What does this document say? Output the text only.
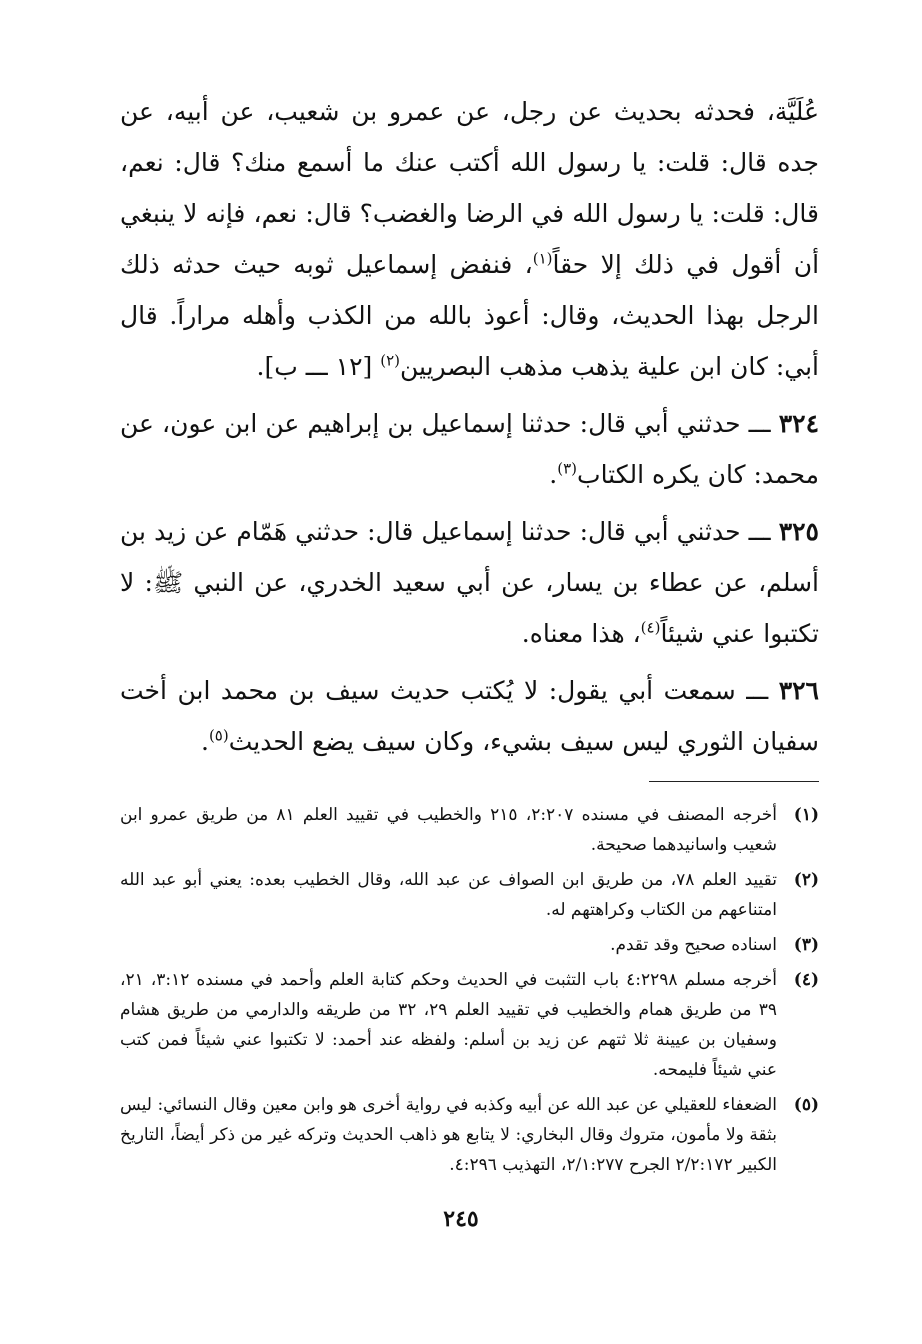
عُلَيَّة، فحدثه بحديث عن رجل، عن عمرو بن شعيب، عن أبيه، عن جده قال: قلت: يا رسول الله أكتب عنك ما أسمع منك؟ قال: نعم، قال: قلت: يا رسول الله في الرضا والغضب؟ قال: نعم، فإنه لا ينبغي أن أقول في ذلك إلا حقاً$^{(١)}$، فنفض إسماعيل ثوبه حيث حدثه ذلك الرجل بهذا الحديث، وقال: أعوذ بالله من الكذب وأهله مراراً. قال أبي: كان ابن علية يذهب مذهب البصريين$^{(٢)}$ [١٢ ـــ ب].

٣٢٤ ـــ حدثني أبي قال: حدثنا إسماعيل بن إبراهيم عن ابن عون، عن محمد: كان يكره الكتاب$^{(٣)}$.

٣٢٥ ـــ حدثني أبي قال: حدثنا إسماعيل قال: حدثني هَمّام عن زيد بن أسلم، عن عطاء بن يسار، عن أبي سعيد الخدري، عن النبي ﷺ: لا تكتبوا عني شيئاً$^{(٤)}$، هذا معناه.

٣٢٦ ـــ سمعت أبي يقول: لا يُكتب حديث سيف بن محمد ابن أخت سفيان الثوري ليس سيف بشيء، وكان سيف يضع الحديث$^{(٥)}$.

(١)
أخرجه المصنف في مسنده ٢:٢٠٧، ٢١٥ والخطيب في تقييد العلم ٨١ من طريق عمرو ابن شعيب واسانيدهما صحيحة.
(٢)
تقييد العلم ٧٨، من طريق ابن الصواف عن عبد الله، وقال الخطيب بعده: يعني أبو عبد الله امتناعهم من الكتاب وكراهتهم له.
(٣)
اسناده صحيح وقد تقدم.
(٤)
أخرجه مسلم ٤:٢٢٩٨ باب التثبت في الحديث وحكم كتابة العلم وأحمد في مسنده ٣:١٢، ٢١، ٣٩ من طريق همام والخطيب في تقييد العلم ٢٩، ٣٢ من طريقه والدارمي من طريق هشام وسفيان بن عيينة ثلا ثتهم عن زيد بن أسلم: ولفظه عند أحمد: لا تكتبوا عني شيئاً فمن كتب عني شيئاً فليمحه.
(٥)
الضعفاء للعقيلي عن عبد الله عن أبيه وكذبه في رواية أخرى هو وابن معين وقال النسائي: ليس بثقة ولا مأمون، متروك وقال البخاري: لا يتابع هو ذاهب الحديث وتركه غير من ذكر أيضاً، التاريخ الكبير ٢/٢:١٧٢ الجرح ٢/١:٢٧٧، التهذيب ٤:٢٩٦.
٢٤٥
